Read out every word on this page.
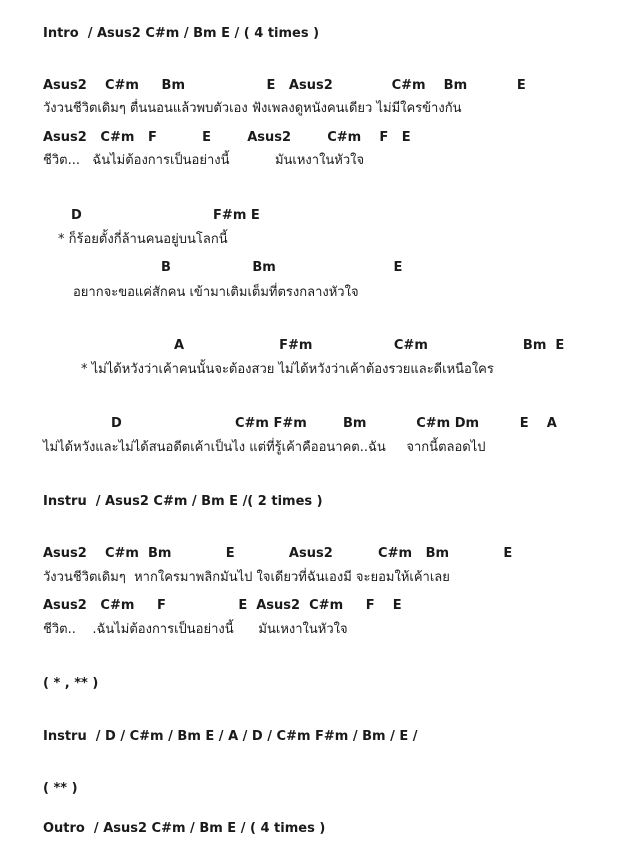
Intro  / Asus2 C#m / Bm E / ( 4 times )
Asus2    C#m     Bm                  E   Asus2             C#m    Bm           E
วังวนชีวิตเดิมๆ ตื่นนอนแล้วพบตัวเอง ฟังเพลงดูหนังคนเดียว ไม่มีใครข้างกัน
Asus2   C#m   F          E        Asus2        C#m    F   E
ชีวิต...   ฉันไม่ต้องการเป็นอย่างนี้           มันเหงาในหัวใจ
D                             F#m E
* ก็ร้อยตั้งกี่ล้านคนอยู่บนโลกนี้
B                  Bm                          E
อยากจะขอแค่สักคน เข้ามาเติมเต็มที่ตรงกลางหัวใจ
A                     F#m                  C#m                     Bm  E
* ไม่ได้หวังว่าเค้าคนนั้นจะต้องสวย ไม่ได้หวังว่าเค้าต้องรวยและดีเหนือใคร
D                         C#m F#m        Bm           C#m Dm         E    A
ไม่ได้หวังและไม่ได้สนอดีตเค้าเป็นไง แต่ที่รู้เค้าคืออนาคต..ฉัน     จากนี้ตลอดไป
Instru  / Asus2 C#m / Bm E /( 2 times )
Asus2    C#m  Bm            E            Asus2          C#m   Bm            E
วังวนชีวิตเดิมๆ  หากใครมาพลิกมันไป ใจเดียวที่ฉันเองมี จะยอมให้เค้าเลย
Asus2   C#m     F                E  Asus2  C#m     F    E
ชีวิต..    .ฉันไม่ต้องการเป็นอย่างนี้      มันเหงาในหัวใจ
( * , ** )
Instru  / D / C#m / Bm E / A / D / C#m F#m / Bm / E /
( ** )
Outro  / Asus2 C#m / Bm E / ( 4 times )
